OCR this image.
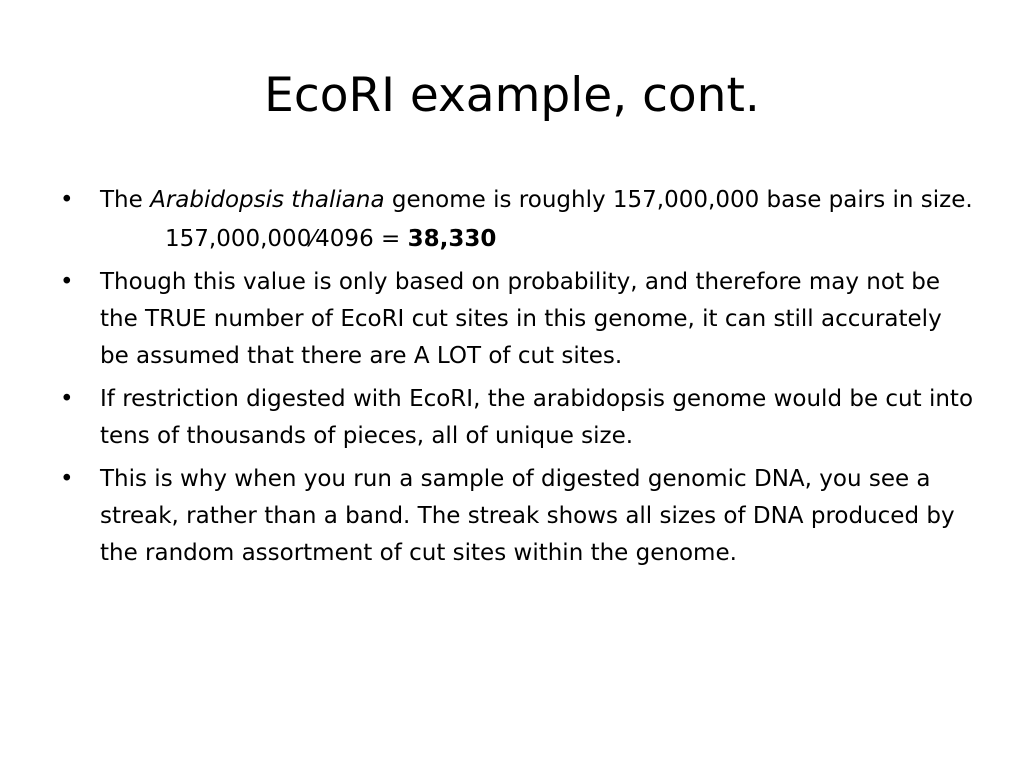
EcoRI example, cont.
•	The Arabidopsis thaliana genome is roughly 157,000,000 base pairs in size.
157,000,000⁄4096 = 38,330
•	Though this value is only based on probability, and therefore may not be the TRUE number of EcoRI cut sites in this genome, it can still accurately be assumed that there are A LOT of cut sites.
•	If restriction digested with EcoRI, the arabidopsis genome would be cut into tens of thousands of pieces, all of unique size.
•	This is why when you run a sample of digested genomic DNA, you see a streak, rather than a band. The streak shows all sizes of DNA produced by the random assortment of cut sites within the genome.
